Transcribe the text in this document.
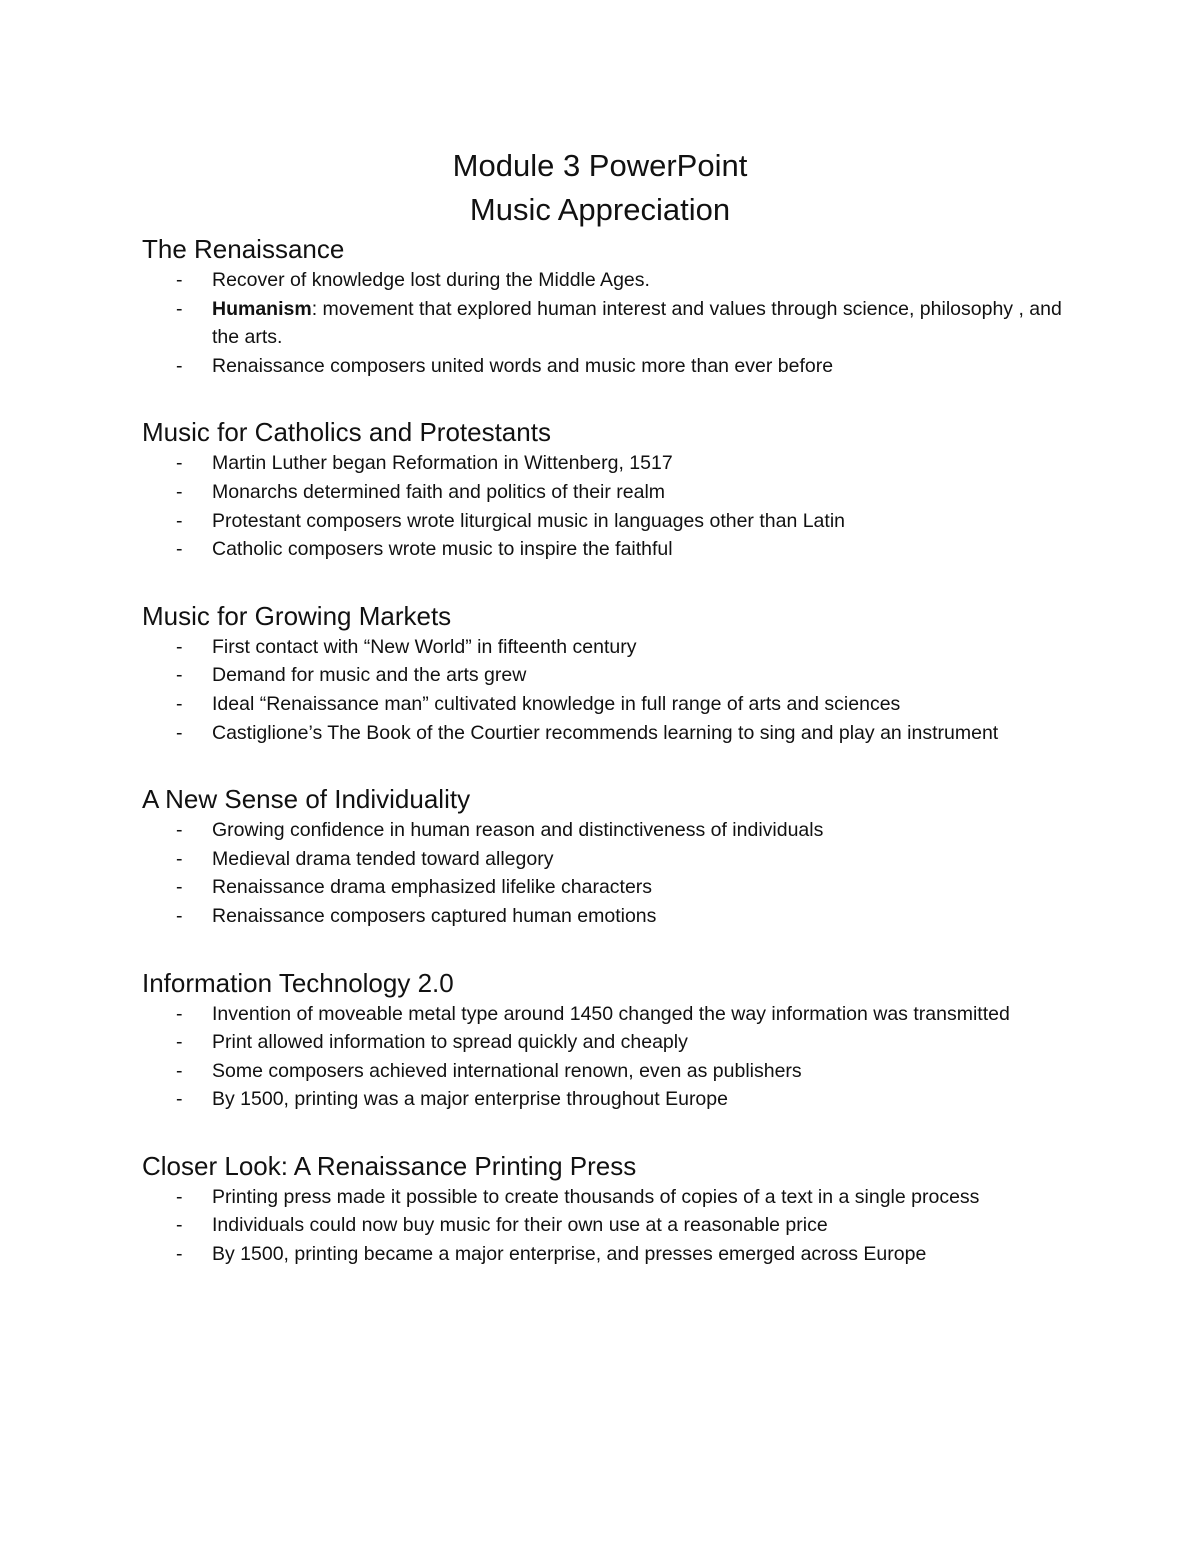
Module 3 PowerPoint
Music Appreciation
The Renaissance
- Recover of knowledge lost during the Middle Ages.
- Humanism: movement that explored human interest and values through science, philosophy , and the arts.
- Renaissance composers united words and music more than ever before
Music for Catholics and Protestants
- Martin Luther began Reformation in Wittenberg, 1517
- Monarchs determined faith and politics of their realm
- Protestant composers wrote liturgical music in languages other than Latin
- Catholic composers wrote music to inspire the faithful
Music for Growing Markets
- First contact with “New World” in fifteenth century
- Demand for music and the arts grew
- Ideal “Renaissance man” cultivated knowledge in full range of arts and sciences
- Castiglione’s The Book of the Courtier recommends learning to sing and play an instrument
A New Sense of Individuality
- Growing confidence in human reason and distinctiveness of individuals
- Medieval drama tended toward allegory
- Renaissance drama emphasized lifelike characters
- Renaissance composers captured human emotions
Information Technology 2.0
- Invention of moveable metal type around 1450 changed the way information was transmitted
- Print allowed information to spread quickly and cheaply
- Some composers achieved international renown, even as publishers
- By 1500, printing was a major enterprise throughout Europe
Closer Look: A Renaissance Printing Press
- Printing press made it possible to create thousands of copies of a text in a single process
- Individuals could now buy music for their own use at a reasonable price
- By 1500, printing became a major enterprise, and presses emerged across Europe
